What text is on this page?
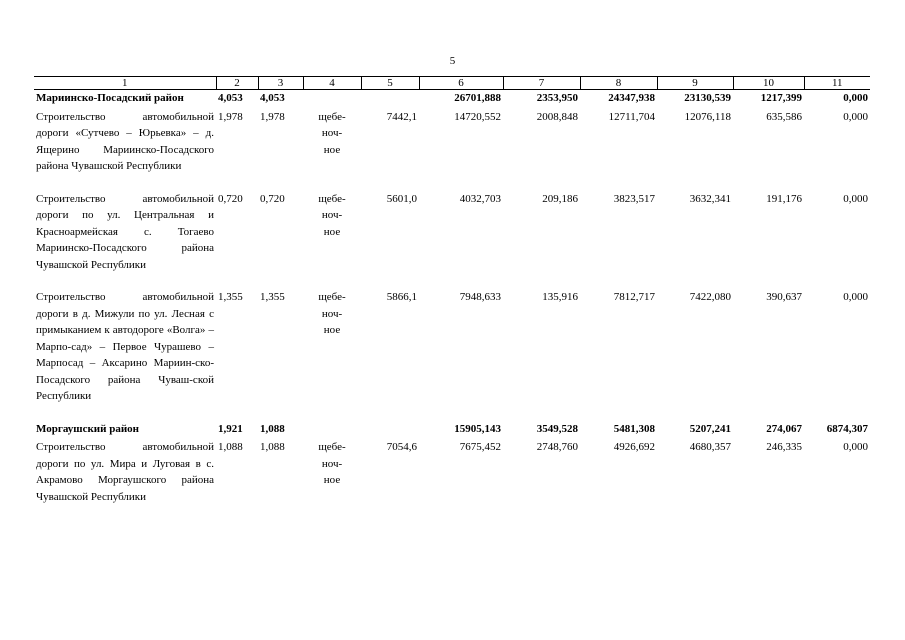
5
1	2	3	4	5	6	7	8	9	10	11
Мариинско-Посадский район	4,053	4,053			26701,888	2353,950	24347,938	23130,539	1217,399	0,000
Строительство автомобильной дороги «Сутчево – Юрьевка» – д. Ящерино Мариинско-Посадского района Чувашской Республики	1,978	1,978	щебе-
ноч-
ное	7442,1	14720,552	2008,848	12711,704	12076,118	635,586	0,000
Строительство автомобильной дороги по ул. Центральная и Красноармейская с. Тогаево Мариинско-Посадского района Чувашской Республики	0,720	0,720	щебе-
ноч-
ное	5601,0	4032,703	209,186	3823,517	3632,341	191,176	0,000
Строительство автомобильной дороги в д. Мижули по ул. Лесная с примыканием к автодороге «Волга» – Марпо-сад» – Первое Чурашево – Марпосад – Аксарино Мариин-ско-Посадского района Чуваш-ской Республики	1,355	1,355	щебе-
ноч-
ное	5866,1	7948,633	135,916	7812,717	7422,080	390,637	0,000
Моргаушский район	1,921	1,088			15905,143	3549,528	5481,308	5207,241	274,067	6874,307
Строительство автомобильной дороги по ул. Мира и Луговая в с. Акрамово Моргаушского района Чувашской Республики	1,088	1,088	щебе-
ноч-
ное	7054,6	7675,452	2748,760	4926,692	4680,357	246,335	0,000
